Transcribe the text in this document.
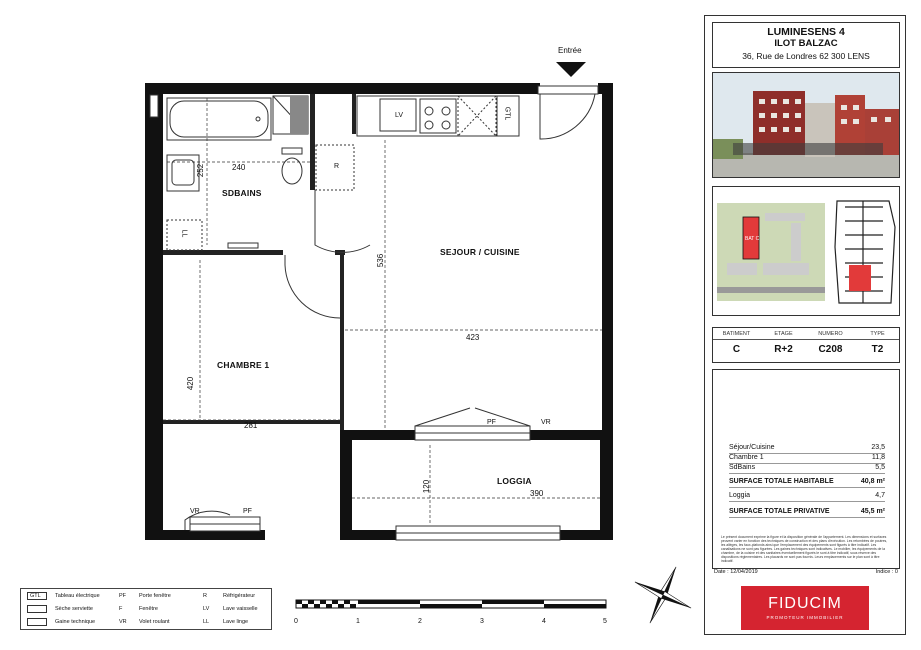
Entrée
SDBAINS
SEJOUR / CUISINE
CHAMBRE 1
LOGGIA
240
252
536
423
420
281
120
390
GTL
LV
R
LL
PF	VR
PF
VR
GTL	Tableau électrique	PF Porte fenêtre	R	Réfrigérateur
Sèche serviette	F	Fenêtre	LV Lave vaisselle
Gaine technique	VR Volet roulant	LL	Lave linge	0	1	2	3	4	5
LUMINESENS 4
ILOT BALZAC
36, Rue de Londres 62 300 LENS
BAT C
BATIMENT	ETAGE	NUMERO	TYPE
C	R+2	C208	T2
Séjour/Cuisine	23,5
Chambre 1	11,8
SdBains	5,5
SURFACE TOTALE HABITABLE	40,8 m²
Loggia	4,7
SURFACE TOTALE PRIVATIVE	45,5 m²
Le présent document exprime la figure et la disposition générale de l'appartement. Les dimensions et surfaces peuvent varier en fonction des techniques de construction et des plans d'exécution. Les retombées de poutres, les allèges, les faux-plafonds ainsi que l'emplacement des équipements sont figurés à titre indicatif. Les canalisations ne sont pas figurées. Les gaines techniques sont indicatives. Le mobilier, les équipements de la chambre, de la cuisine et des sanitaires éventuellement figurés le sont à titre indicatif, sous réserve des dispositions réglementaires. Les placards ne sont pas fournis. Leurs emplacements sur le plan sont à titre indicatif.
Date : 12/04/2019	Indice : 0
FIDUCIM
PROMOTEUR IMMOBILIER
